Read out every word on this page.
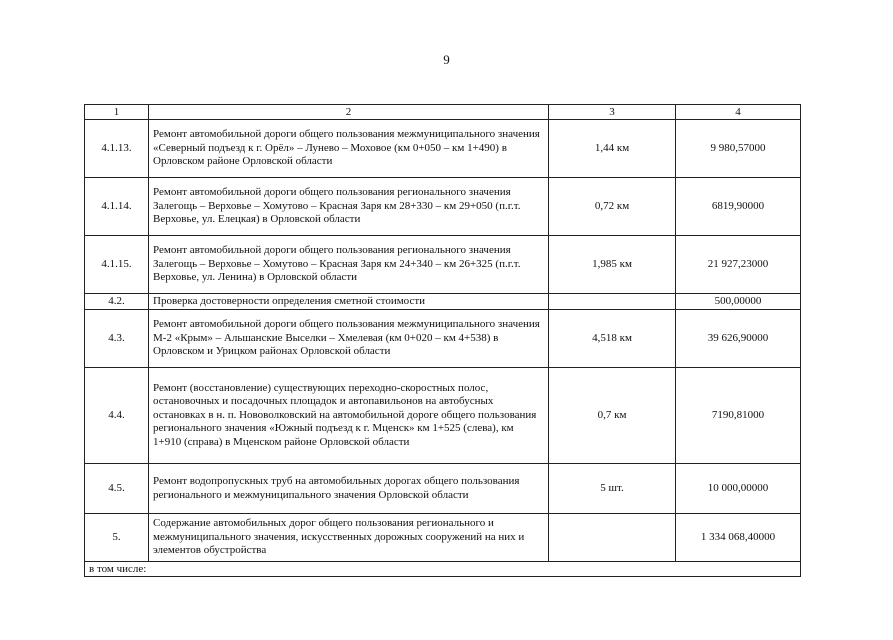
9
1	2	3	4
4.1.13.	Ремонт автомобильной дороги общего пользования межмуниципального значения «Северный подъезд к г. Орёл» – Лунево – Моховое (км 0+050 – км 1+490) в Орловском районе Орловской области	1,44 км	9 980,57000
4.1.14.	Ремонт автомобильной дороги общего пользования регионального значения Залегощь – Верховье – Хомутово – Красная Заря км 28+330 – км 29+050 (п.г.т. Верховье, ул. Елецкая) в Орловской области	0,72 км	6819,90000
4.1.15.	Ремонт автомобильной дороги общего пользования регионального значения Залегощь – Верховье – Хомутово – Красная Заря км 24+340 – км 26+325 (п.г.т. Верховье, ул. Ленина) в Орловской области	1,985 км	21 927,23000
4.2.	Проверка достоверности определения сметной стоимости		500,00000
4.3.	Ремонт автомобильной дороги общего пользования межмуниципального значения М-2 «Крым» – Альшанские Выселки – Хмелевая (км 0+020 – км 4+538) в Орловском и Урицком районах Орловской области	4,518 км	39 626,90000
4.4.	Ремонт (восстановление) существующих переходно-скоростных полос, остановочных и посадочных площадок и автопавильонов на автобусных остановках в н. п. Нововолковский на автомобильной дороге общего пользования регионального значения «Южный подъезд к г. Мценск» км 1+525 (слева), км 1+910 (справа) в Мценском районе Орловской области	0,7 км	7190,81000
4.5.	Ремонт водопропускных труб на автомобильных дорогах общего пользования регионального и межмуниципального значения Орловской области	5 шт.	10 000,00000
5.	Содержание автомобильных дорог общего пользования регионального и межмуниципального значения, искусственных дорожных сооружений на них и элементов обустройства		1 334 068,40000
в том числе:			
